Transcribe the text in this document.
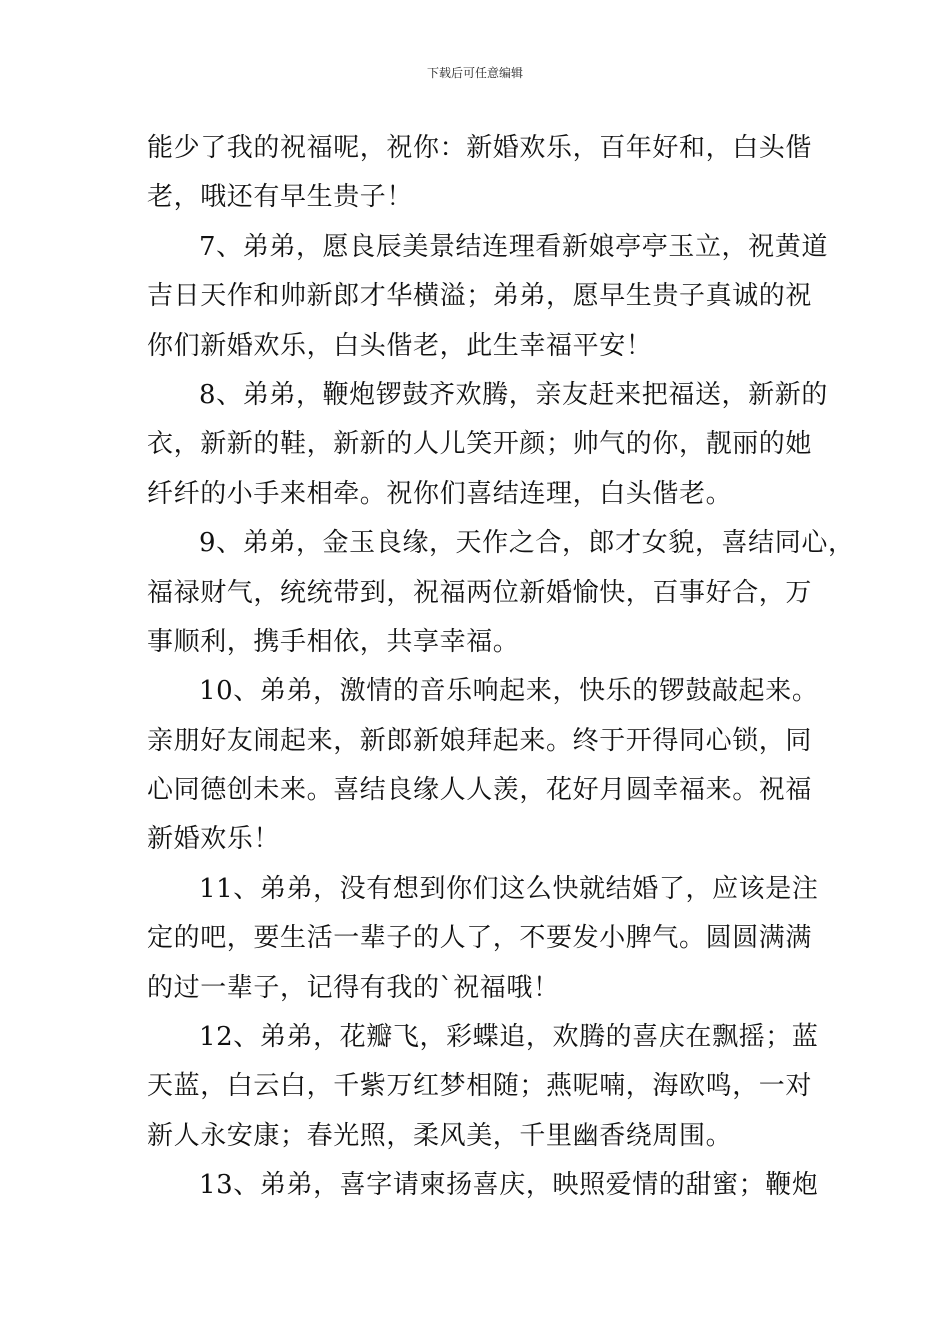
下载后可任意编辑
能少了我的祝福呢，祝你：新婚欢乐，百年好和，白头偕
老，哦还有早生贵子！
7、弟弟，愿良辰美景结连理看新娘亭亭玉立，祝黄道
吉日天作和帅新郎才华横溢；弟弟，愿早生贵子真诚的祝
你们新婚欢乐，白头偕老，此生幸福平安！
8、弟弟，鞭炮锣鼓齐欢腾，亲友赶来把福送，新新的
衣，新新的鞋，新新的人儿笑开颜；帅气的你，靓丽的她
纤纤的小手来相牵。祝你们喜结连理，白头偕老。
9、弟弟，金玉良缘，天作之合，郎才女貌，喜结同心，
福禄财气，统统带到，祝福两位新婚愉快，百事好合，万
事顺利，携手相依，共享幸福。
10、弟弟，激情的音乐响起来，快乐的锣鼓敲起来。
亲朋好友闹起来，新郎新娘拜起来。终于开得同心锁，同
心同德创未来。喜结良缘人人羡，花好月圆幸福来。祝福
新婚欢乐！
11、弟弟，没有想到你们这么快就结婚了，应该是注
定的吧，要生活一辈子的人了，不要发小脾气。圆圆满满
的过一辈子，记得有我的`祝福哦！
12、弟弟，花瓣飞，彩蝶追，欢腾的喜庆在飘摇；蓝
天蓝，白云白，千紫万红梦相随；燕呢喃，海欧鸣，一对
新人永安康；春光照，柔风美，千里幽香绕周围。
13、弟弟，喜字请柬扬喜庆，映照爱情的甜蜜；鞭炮
